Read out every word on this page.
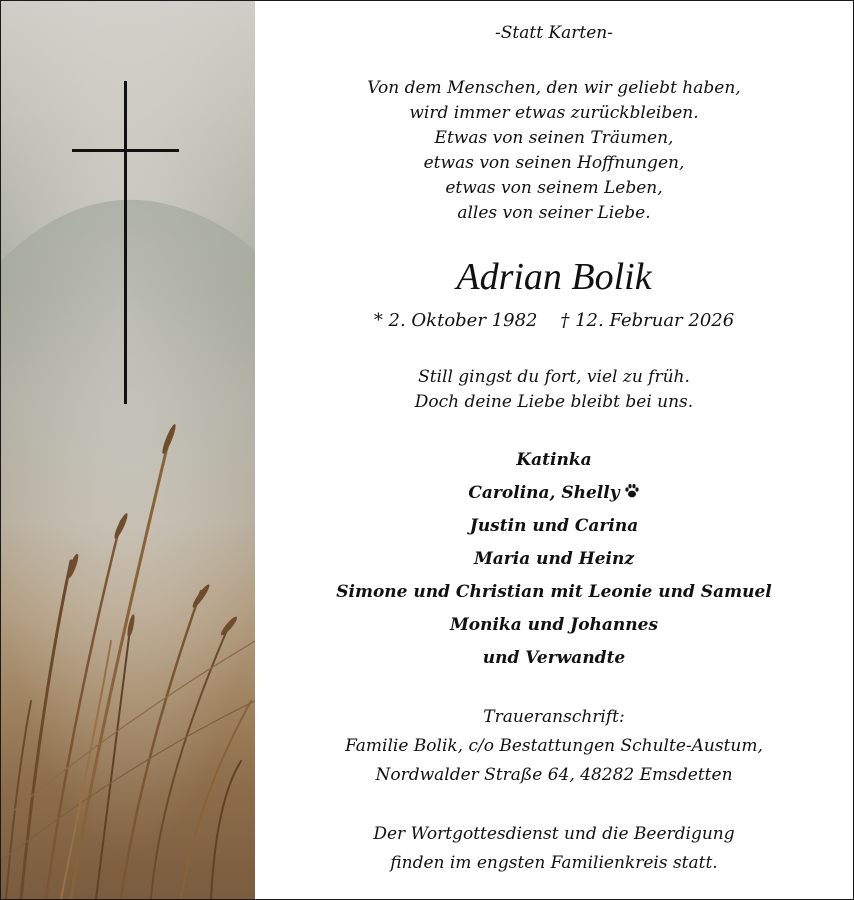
-Statt Karten-
Von dem Menschen, den wir geliebt haben,
wird immer etwas zurückbleiben.
Etwas von seinen Träumen,
etwas von seinen Hoffnungen,
etwas von seinem Leben,
alles von seiner Liebe.
Adrian Bolik
* 2. Oktober 1982 † 12. Februar 2026
Still gingst du fort, viel zu früh.
Doch deine Liebe bleibt bei uns.
Katinka
Carolina, Shelly
Justin und Carina
Maria und Heinz
Simone und Christian mit Leonie und Samuel
Monika und Johannes
und Verwandte
Traueranschrift:
Familie Bolik, c/o Bestattungen Schulte-Austum,
Nordwalder Straße 64, 48282 Emsdetten
Der Wortgottesdienst und die Beerdigung
finden im engsten Familienkreis statt.
